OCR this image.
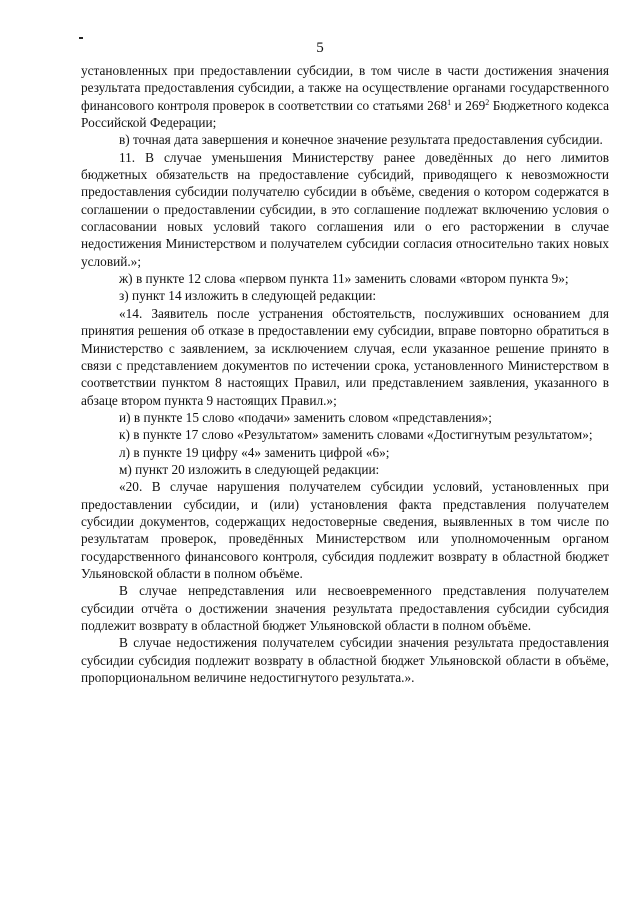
5

установленных при предоставлении субсидии, в том числе в части достижения значения результата предоставления субсидии, а также на осуществление органами государственного финансового контроля проверок в соответствии со статьями $268^1$ и $269^2$ Бюджетного кодекса Российской Федерации;

в) точная дата завершения и конечное значение результата предоставления субсидии.

11. В случае уменьшения Министерству ранее доведённых до него лимитов бюджетных обязательств на предоставление субсидий, приводящего к невозможности предоставления субсидии получателю субсидии в объёме, сведения о котором содержатся в соглашении о предоставлении субсидии, в это соглашение подлежат включению условия о согласовании новых условий такого соглашения или о его расторжении в случае недостижения Министерством и получателем субсидии согласия относительно таких новых условий.»;

ж) в пункте 12 слова «первом пункта 11» заменить словами «втором пункта 9»;

з) пункт 14 изложить в следующей редакции:

«14. Заявитель после устранения обстоятельств, послуживших основанием для принятия решения об отказе в предоставлении ему субсидии, вправе повторно обратиться в Министерство с заявлением, за исключением случая, если указанное решение принято в связи с представлением документов по истечении срока, установленного Министерством в соответствии пунктом 8 настоящих Правил, или представлением заявления, указанного в абзаце втором пункта 9 настоящих Правил.»;

и) в пункте 15 слово «подачи» заменить словом «представления»;

к) в пункте 17 слово «Результатом» заменить словами «Достигнутым результатом»;

л) в пункте 19 цифру «4» заменить цифрой «6»;

м) пункт 20 изложить в следующей редакции:

«20. В случае нарушения получателем субсидии условий, установленных при предоставлении субсидии, и (или) установления факта представления получателем субсидии документов, содержащих недостоверные сведения, выявленных в том числе по результатам проверок, проведённых Министерством или уполномоченным органом государственного финансового контроля, субсидия подлежит возврату в областной бюджет Ульяновской области в полном объёме.

В случае непредставления или несвоевременного представления получателем субсидии отчёта о достижении значения результата предоставления субсидии субсидия подлежит возврату в областной бюджет Ульяновской области в полном объёме.

В случае недостижения получателем субсидии значения результата предоставления субсидии субсидия подлежит возврату в областной бюджет Ульяновской области в объёме, пропорциональном величине недостигнутого результата.».
